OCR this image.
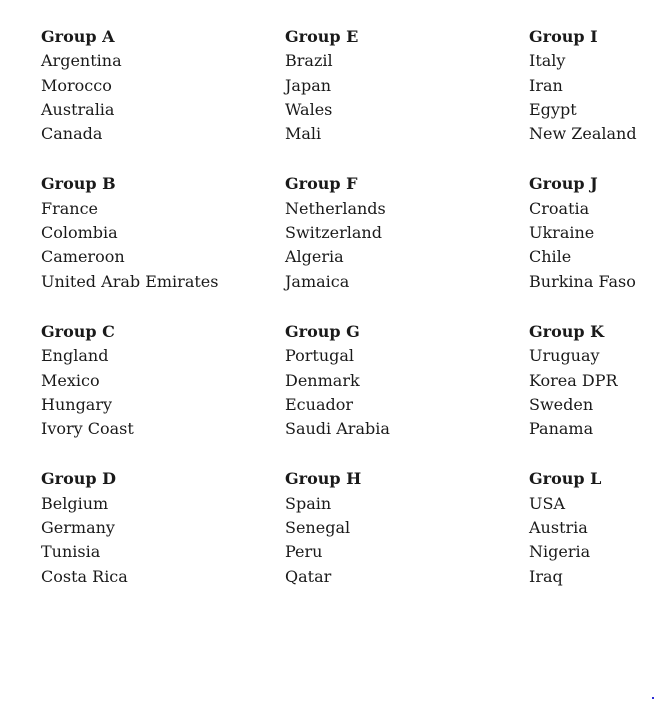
Group A
Argentina
Morocco
Australia
Canada
Group E
Brazil
Japan
Wales
Mali
Group I
Italy
Iran
Egypt
New Zealand
Group B
France
Colombia
Cameroon
United Arab Emirates
Group F
Netherlands
Switzerland
Algeria
Jamaica
Group J
Croatia
Ukraine
Chile
Burkina Faso
Group C
England
Mexico
Hungary
Ivory Coast
Group G
Portugal
Denmark
Ecuador
Saudi Arabia
Group K
Uruguay
Korea DPR
Sweden
Panama
Group D
Belgium
Germany
Tunisia
Costa Rica
Group H
Spain
Senegal
Peru
Qatar
Group L
USA
Austria
Nigeria
Iraq
